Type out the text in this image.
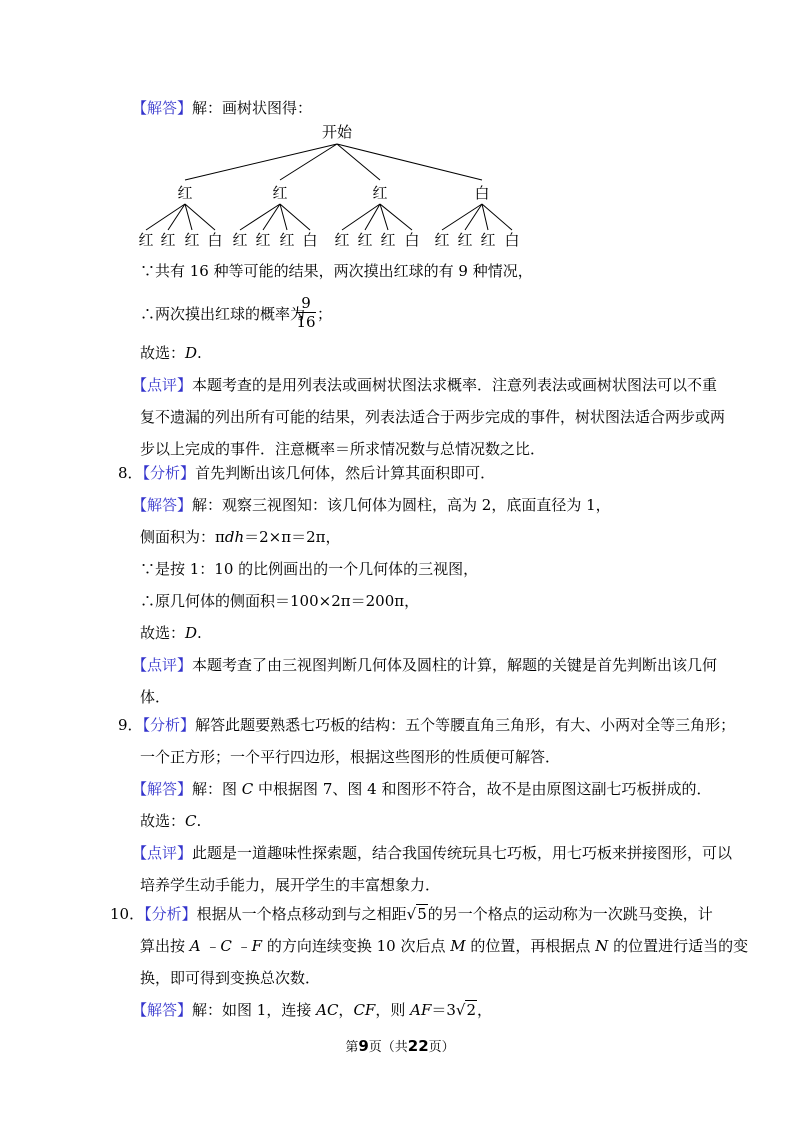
【解答】解：画树状图得：
开始
红	红	红	白
红 红 红 白 红 红 红 白 红 红 红 白 红 红 红 白
∵共有 16 种等可能的结果，两次摸出红球的有 9 种情况，
∴两次摸出红球的概率为
$\frac{9}{16}$ ；
故选：D.
【点评】本题考查的是用列表法或画树状图法求概率．注意列表法或画树状图法可以不重
复不遗漏的列出所有可能的结果，列表法适合于两步完成的事件，树状图法适合两步或两
步以上完成的事件．注意概率＝所求情况数与总情况数之比．
8．【分析】首先判断出该几何体，然后计算其面积即可．
【解答】解：观察三视图知：该几何体为圆柱，高为 2，底面直径为 1，
侧面积为：πdh＝2×π＝2π，
∵是按 1：10 的比例画出的一个几何体的三视图，
∴原几何体的侧面积＝100×2π＝200π，
故选：D.
【点评】本题考查了由三视图判断几何体及圆柱的计算，解题的关键是首先判断出该几何
体．
9．【分析】解答此题要熟悉七巧板的结构：五个等腰直角三角形，有大、小两对全等三角形；
一个正方形；一个平行四边形，根据这些图形的性质便可解答．
【解答】解：图 C 中根据图 7、图 4 和图形不符合，故不是由原图这副七巧板拼成的．
故选：C.
【点评】此题是一道趣味性探索题，结合我国传统玩具七巧板，用七巧板来拼接图形，可以
培养学生动手能力，展开学生的丰富想象力．
10．【分析】根据从一个格点移动到与之相距√5的另一个格点的运动称为一次跳马变换，计
算出按 A ﹣C ﹣F 的方向连续变换 10 次后点 M 的位置，再根据点 N 的位置进行适当的变
换，即可得到变换总次数．
【解答】解：如图 1，连接 AC，CF，则 AF＝3√2，
第9页（共22页）
